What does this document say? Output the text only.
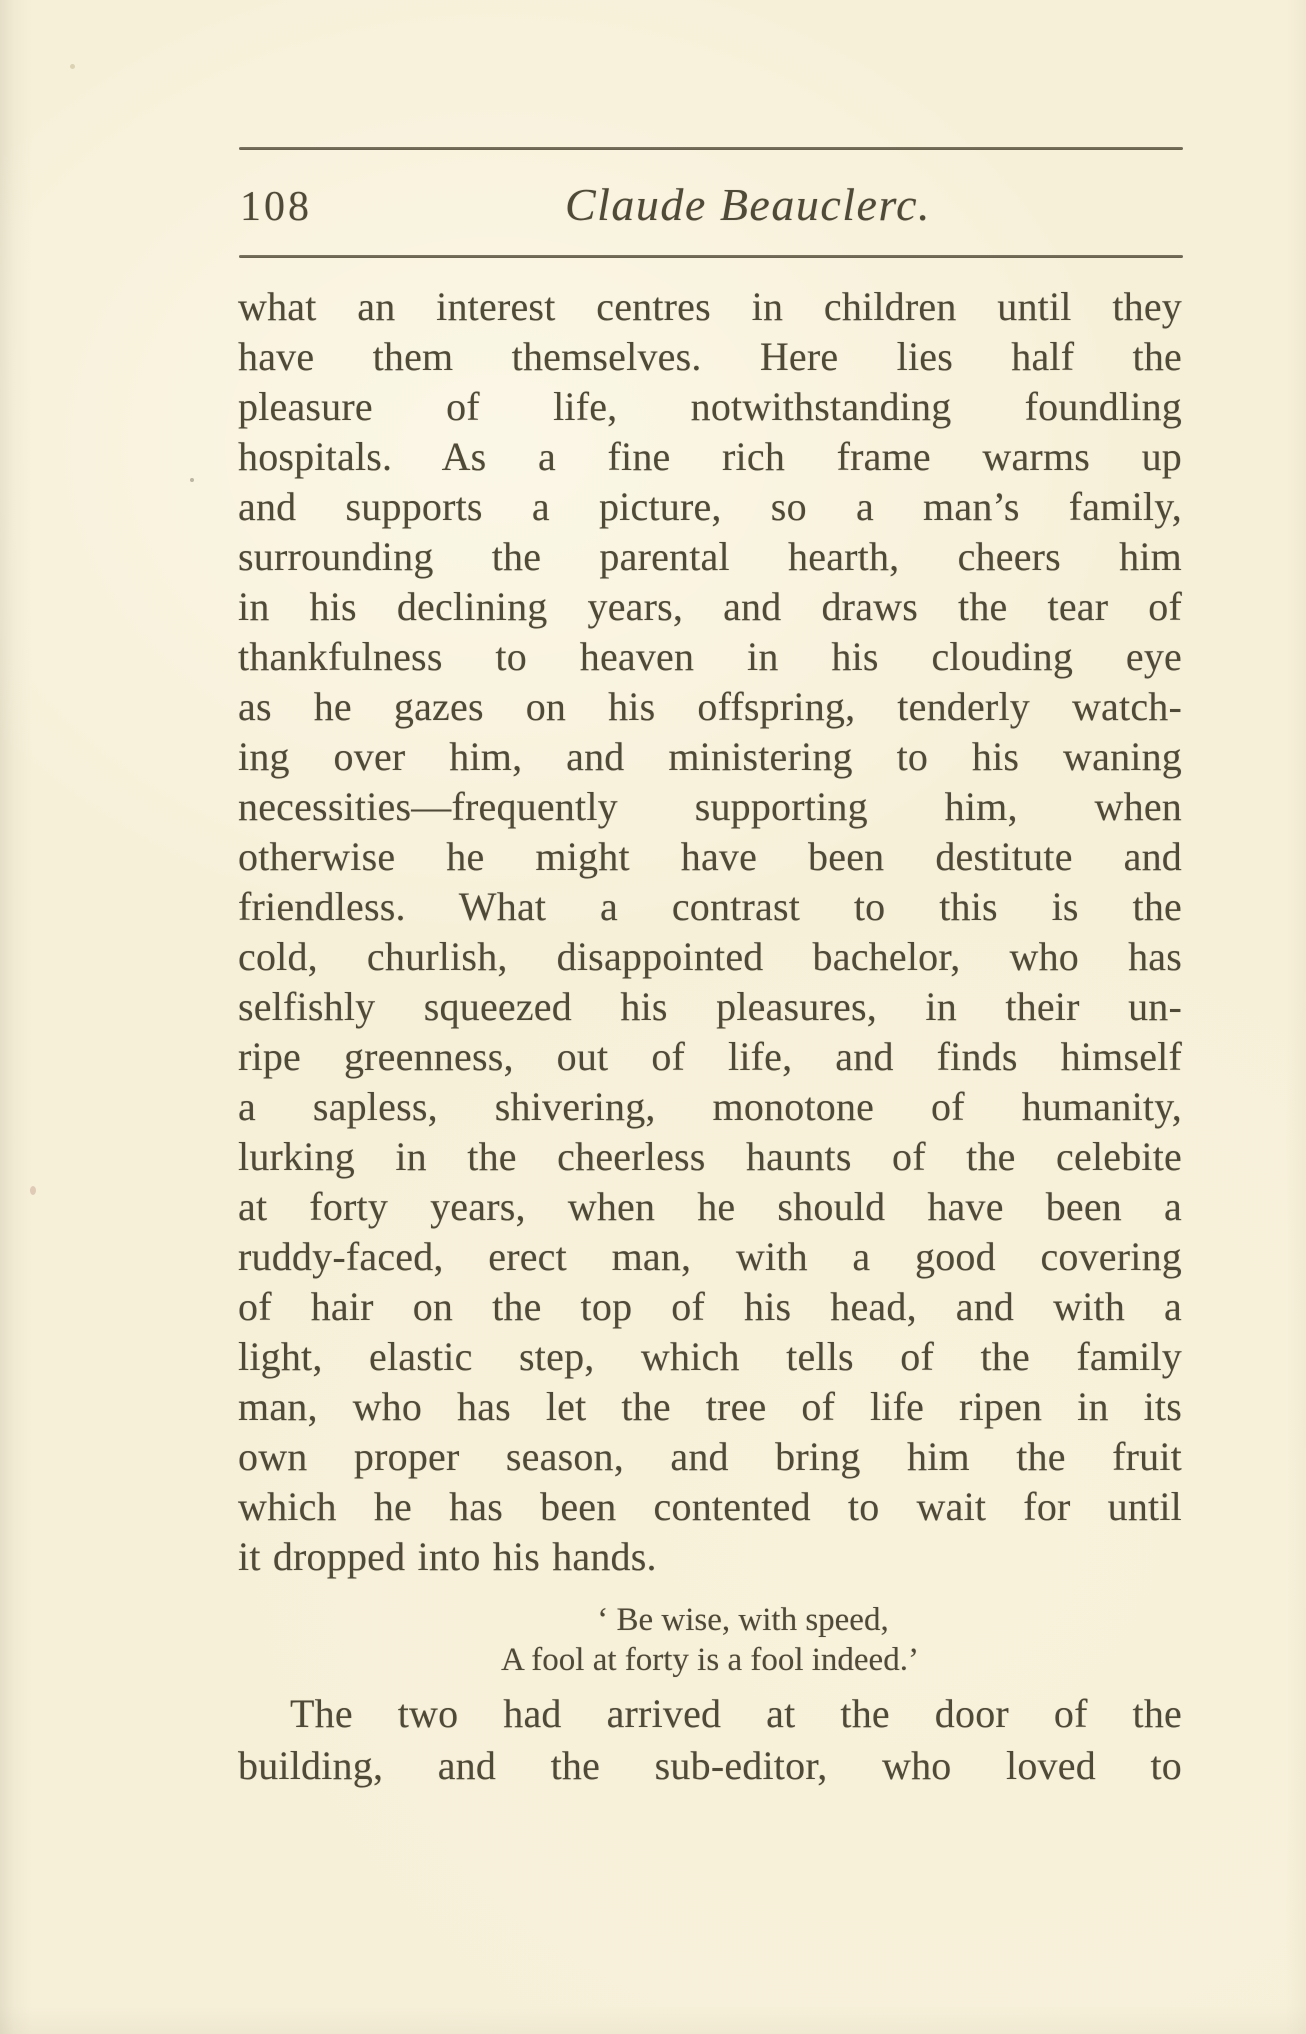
108	Claude Beauclerc.
what an interest centres in children until they
have them themselves. Here lies half the
pleasure of life, notwithstanding foundling
hospitals. As a fine rich frame warms up
and supports a picture, so a man’s family,
surrounding the parental hearth, cheers him
in his declining years, and draws the tear of
thankfulness to heaven in his clouding eye
as he gazes on his offspring, tenderly watch-
ing over him, and ministering to his waning
necessities—frequently supporting him, when
otherwise he might have been destitute and
friendless. What a contrast to this is the
cold, churlish, disappointed bachelor, who has
selfishly squeezed his pleasures, in their un-
ripe greenness, out of life, and finds himself
a sapless, shivering, monotone of humanity,
lurking in the cheerless haunts of the celebite
at forty years, when he should have been a
ruddy-faced, erect man, with a good covering
of hair on the top of his head, and with a
light, elastic step, which tells of the family
man, who has let the tree of life ripen in its
own proper season, and bring him the fruit
which he has been contented to wait for until
it dropped into his hands.
‘ Be wise, with speed,
A fool at forty is a fool indeed.’
The two had arrived at the door of the
building, and the sub-editor, who loved to
